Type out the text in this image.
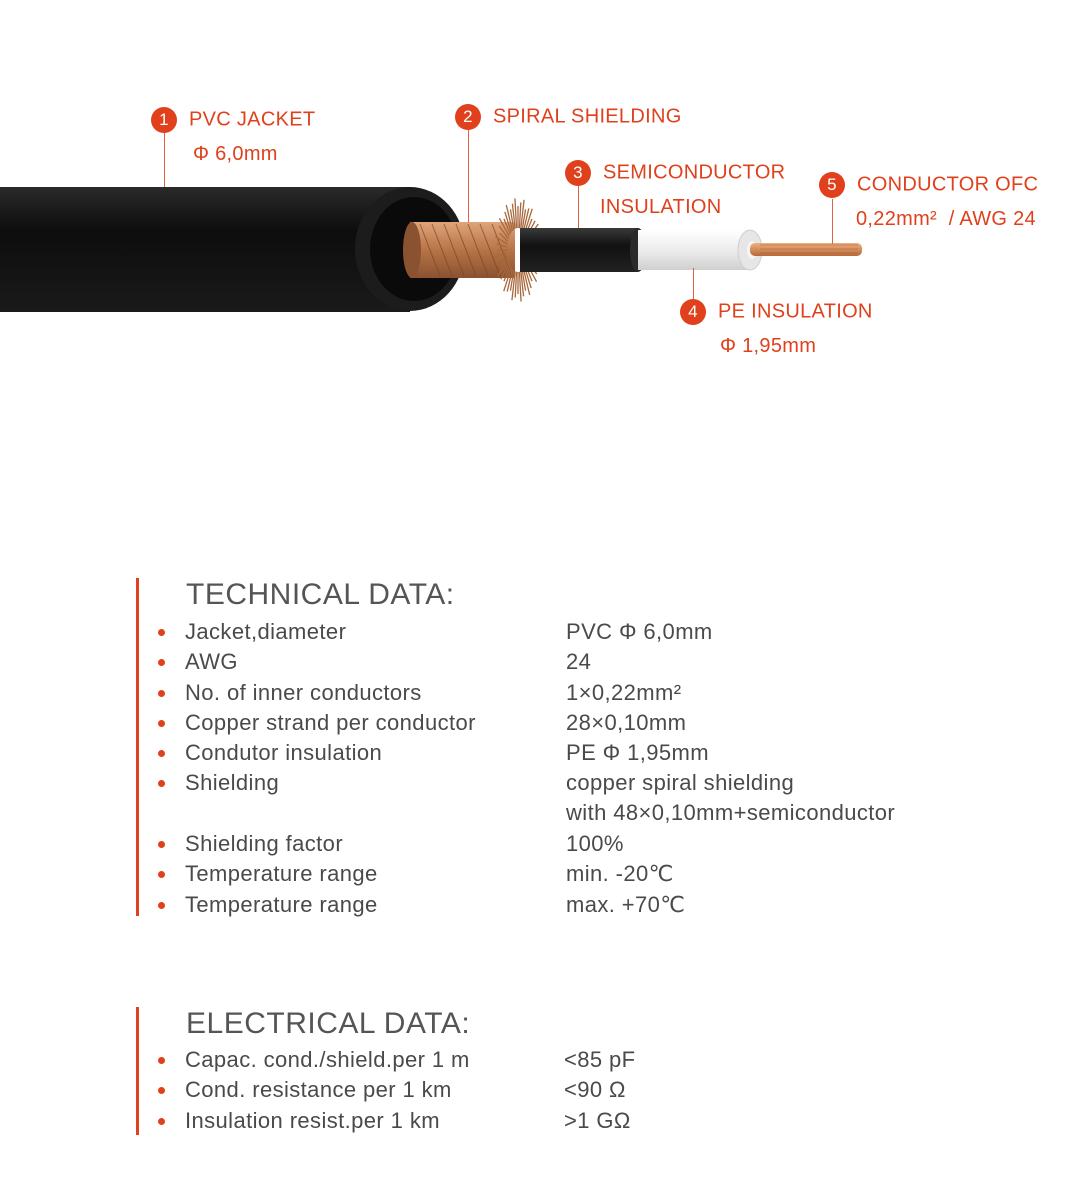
1 PVC JACKET
Φ 6,0mm
2 SPIRAL SHIELDING
3 SEMICONDUCTOR
INSULATION
4 PE INSULATION
Φ 1,95mm
5 CONDUCTOR OFC
0,22mm²  / AWG 24
TECHNICAL DATA:
Jacket,diameter	PVC Φ 6,0mm
AWG	24
No. of inner conductors	1×0,22mm²
Copper strand per conductor	28×0,10mm
Condutor insulation	PE Φ 1,95mm
Shielding	copper spiral shielding
with 48×0,10mm+semiconductor
Shielding factor	100%
Temperature range	min. -20℃
Temperature range	max. +70℃
ELECTRICAL DATA:
Capac. cond./shield.per 1 m	<85 pF
Cond. resistance per 1 km	<90 Ω
Insulation resist.per 1 km	>1 GΩ
